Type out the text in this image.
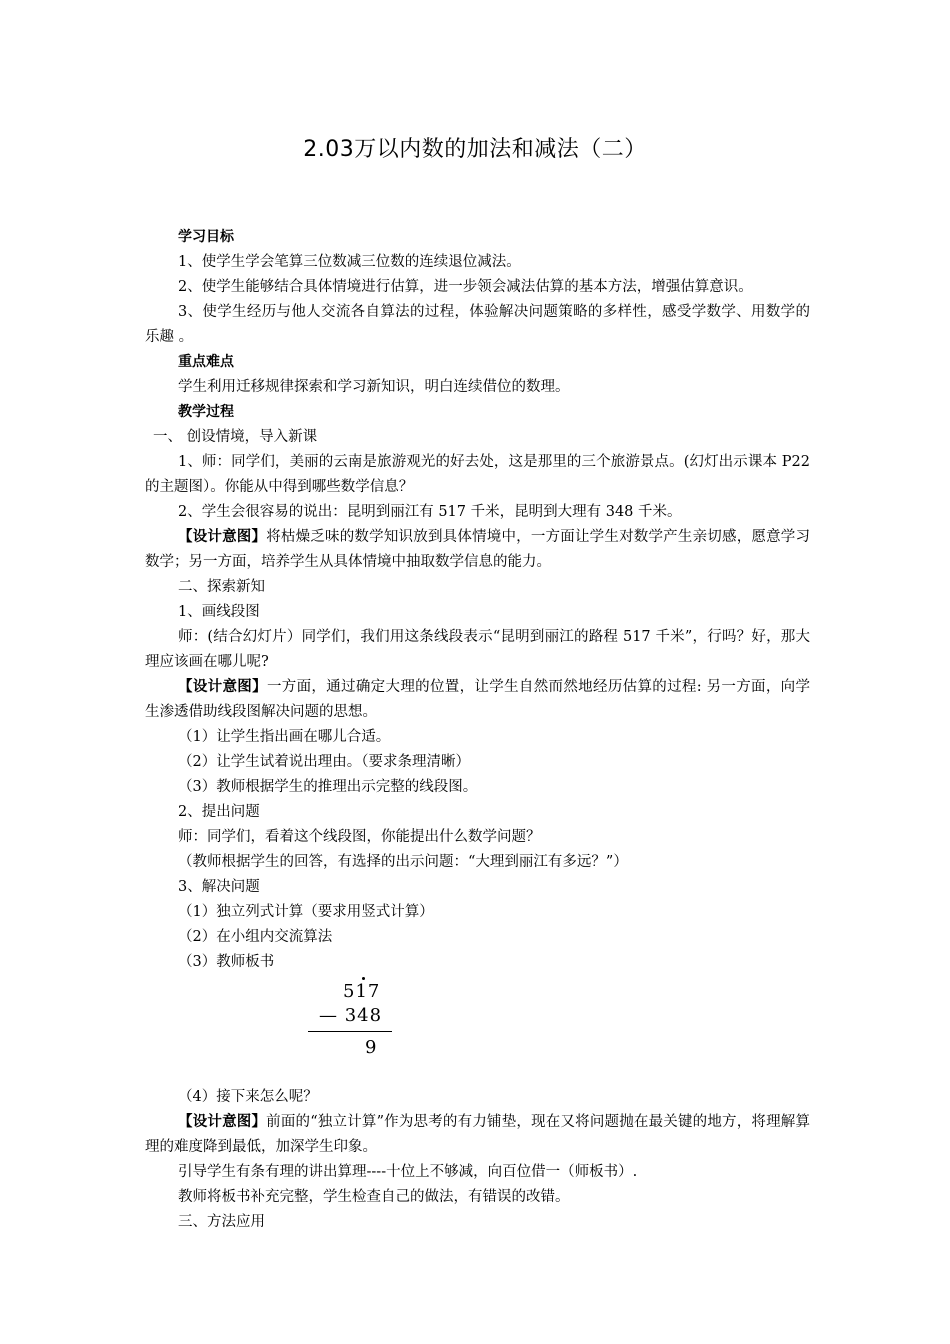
2.03万以内数的加法和减法（二）

学习目标

1、使学生学会笔算三位数减三位数的连续退位减法。

2、使学生能够结合具体情境进行估算，进一步领会减法估算的基本方法，增强估算意识。

3、使学生经历与他人交流各自算法的过程，体验解决问题策略的多样性，感受学数学、用数学的乐趣 。

重点难点

学生利用迁移规律探索和学习新知识，明白连续借位的数理。

教学过程

一、 创设情境，导入新课

1、师：同学们，美丽的云南是旅游观光的好去处，这是那里的三个旅游景点。(幻灯出示课本 P22 的主题图）。你能从中得到哪些数学信息？

2、学生会很容易的说出：昆明到丽江有 517 千米，昆明到大理有 348 千米。

【设计意图】将枯燥乏味的数学知识放到具体情境中，一方面让学生对数学产生亲切感，愿意学习数学；另一方面，培养学生从具体情境中抽取数学信息的能力。

二、探索新知

1、画线段图

师：(结合幻灯片）同学们，我们用这条线段表示“昆明到丽江的路程 517 千米”，行吗？好，那大理应该画在哪儿呢?

【设计意图】一方面，通过确定大理的位置，让学生自然而然地经历估算的过程: 另一方面，向学生渗透借助线段图解决问题的思想。

（1）让学生指出画在哪儿合适。

（2）让学生试着说出理由。（要求条理清晰）

（3）教师根据学生的推理出示完整的线段图。

2、提出问题

师：同学们，看着这个线段图，你能提出什么数学问题？

（教师根据学生的回答，有选择的出示问题：“大理到丽江有多远？”）

3、解决问题

（1）独立列式计算（要求用竖式计算）

（2）在小组内交流算法

（3）教师板书

517
— 348
9

（4）接下来怎么呢？

【设计意图】前面的“独立计算”作为思考的有力铺垫，现在又将问题抛在最关键的地方，将理解算理的难度降到最低，加深学生印象。

引导学生有条有理的讲出算理----十位上不够减，向百位借一（师板书）.

教师将板书补充完整，学生检查自己的做法，有错误的改错。

三、方法应用
